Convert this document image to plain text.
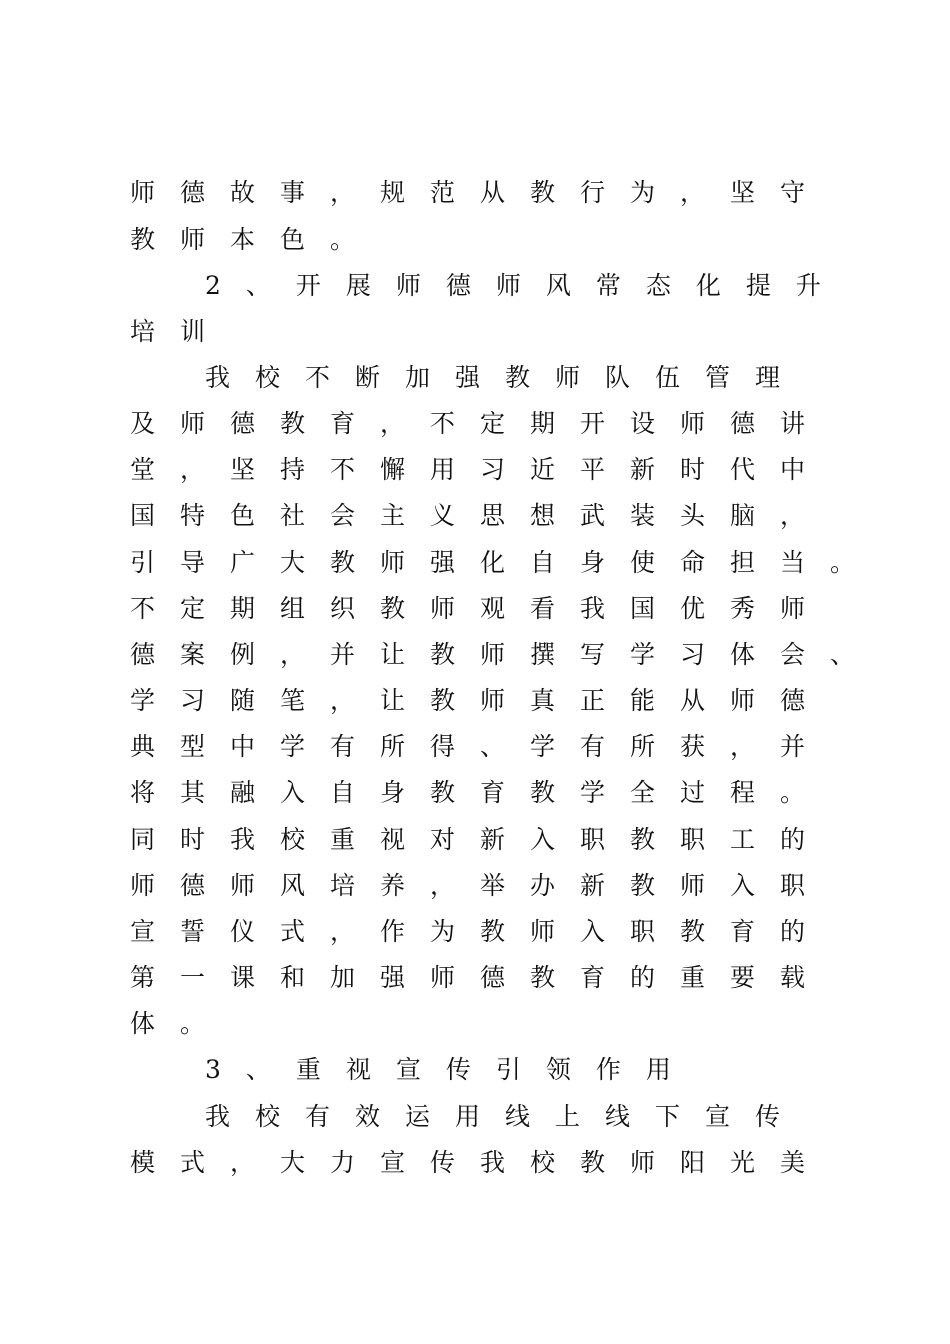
师德故事，规范从教行为，坚守
教师本色。
2、开展师德师风常态化提升
培训
我校不断加强教师队伍管理
及师德教育，不定期开设师德讲
堂，坚持不懈用习近平新时代中
国特色社会主义思想武装头脑，
引导广大教师强化自身使命担当。
不定期组织教师观看我国优秀师
德案例，并让教师撰写学习体会、
学习随笔，让教师真正能从师德
典型中学有所得、学有所获，并
将其融入自身教育教学全过程。
同时我校重视对新入职教职工的
师德师风培养，举办新教师入职
宣誓仪式，作为教师入职教育的
第一课和加强师德教育的重要载
体。
3、重视宣传引领作用
我校有效运用线上线下宣传
模式，大力宣传我校教师阳光美
